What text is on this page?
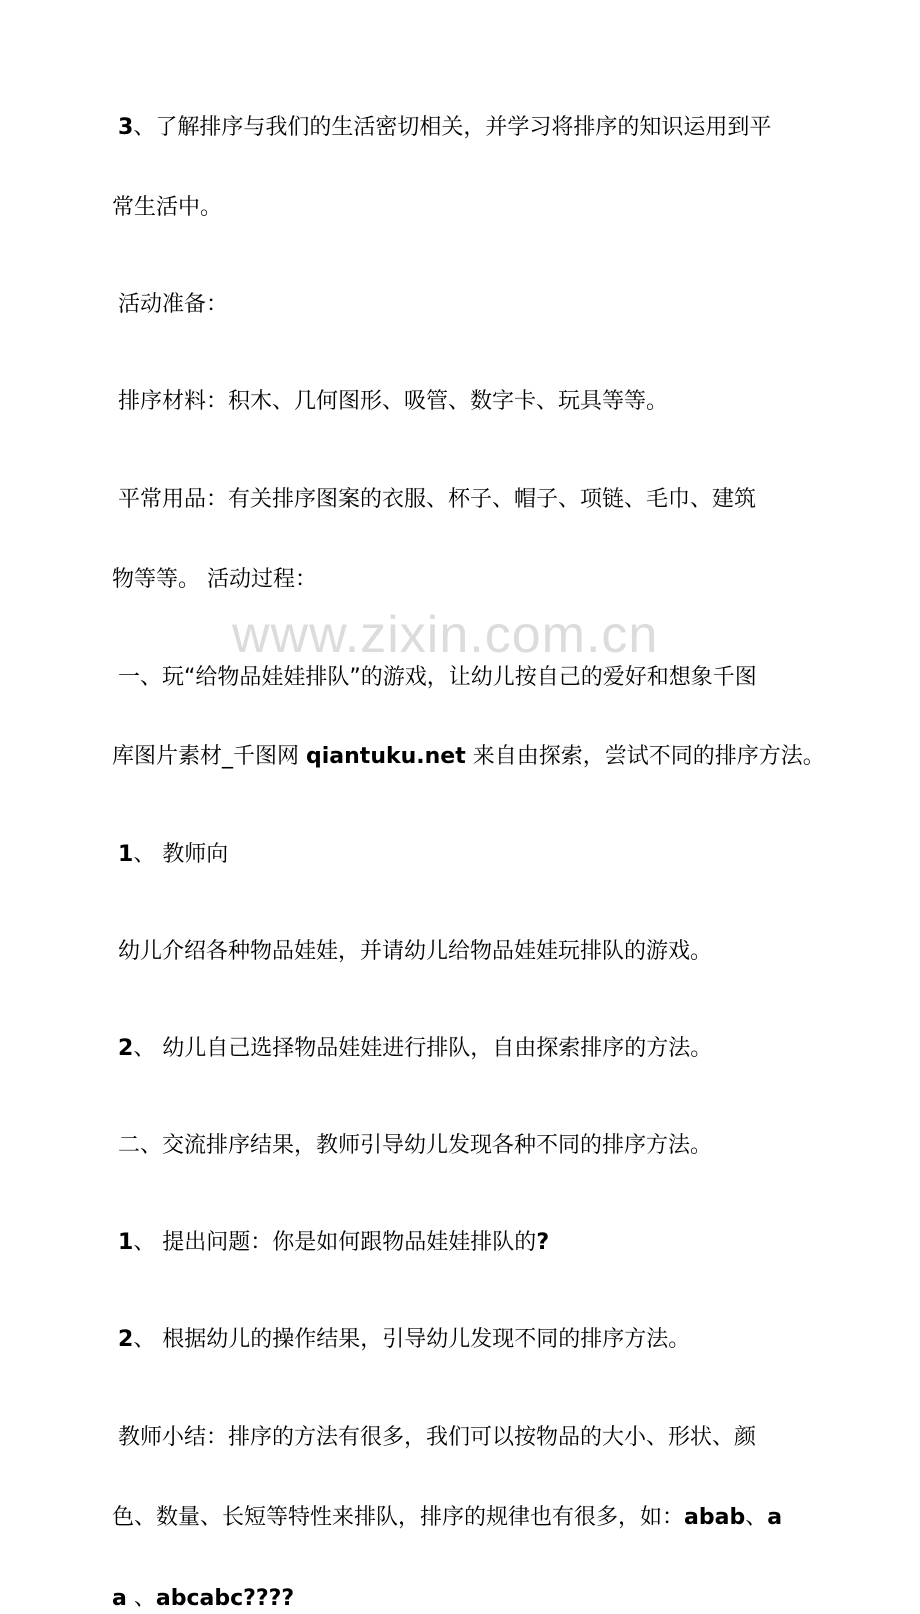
www.zixin.com.cn
3、了解排序与我们的生活密切相关，并学习将排序的知识运用到平
常生活中。
活动准备：
排序材料：积木、几何图形、吸管、数字卡、玩具等等。
平常用品：有关排序图案的衣服、杯子、帽子、项链、毛巾、建筑
物等等。 活动过程：
一、玩“给物品娃娃排队”的游戏，让幼儿按自己的爱好和想象千图
库图片素材_千图网 qiantuku.net 来自由探索，尝试不同的排序方法。
1、 教师向
幼儿介绍各种物品娃娃，并请幼儿给物品娃娃玩排队的游戏。
2、 幼儿自己选择物品娃娃进行排队，自由探索排序的方法。
二、交流排序结果，教师引导幼儿发现各种不同的排序方法。
1、 提出问题：你是如何跟物品娃娃排队的?
2、 根据幼儿的操作结果，引导幼儿发现不同的排序方法。
教师小结：排序的方法有很多，我们可以按物品的大小、形状、颜
色、数量、长短等特性来排队，排序的规律也有很多，如：abab、a
a 、abcabc????
